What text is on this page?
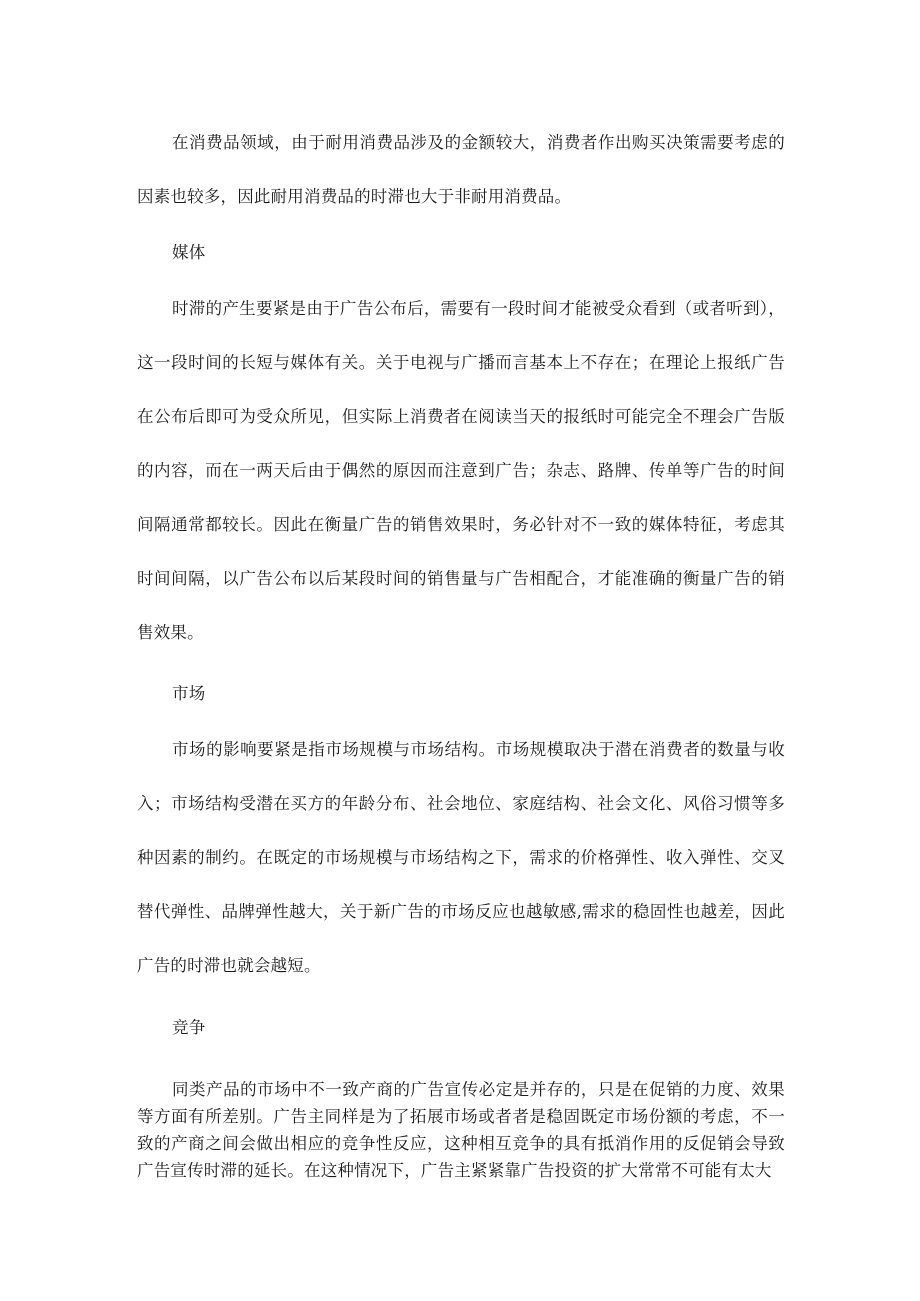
在消费品领域，由于耐用消费品涉及的金额较大，消费者作出购买决策需要考虑的因素也较多，因此耐用消费品的时滞也大于非耐用消费品。

媒体

时滞的产生要紧是由于广告公布后，需要有一段时间才能被受众看到（或者听到），这一段时间的长短与媒体有关。关于电视与广播而言基本上不存在；在理论上报纸广告在公布后即可为受众所见，但实际上消费者在阅读当天的报纸时可能完全不理会广告版的内容，而在一两天后由于偶然的原因而注意到广告；杂志、路牌、传单等广告的时间间隔通常都较长。因此在衡量广告的销售效果时，务必针对不一致的媒体特征，考虑其时间间隔，以广告公布以后某段时间的销售量与广告相配合，才能准确的衡量广告的销售效果。

市场

市场的影响要紧是指市场规模与市场结构。市场规模取决于潜在消费者的数量与收入；市场结构受潜在买方的年龄分布、社会地位、家庭结构、社会文化、风俗习惯等多种因素的制约。在既定的市场规模与市场结构之下，需求的价格弹性、收入弹性、交叉替代弹性、品牌弹性越大，关于新广告的市场反应也越敏感,需求的稳固性也越差，因此广告的时滞也就会越短。

竞争

同类产品的市场中不一致产商的广告宣传必定是并存的，只是在促销的力度、效果等方面有所差别。广告主同样是为了拓展市场或者者是稳固既定市场份额的考虑，不一致的产商之间会做出相应的竞争性反应，这种相互竞争的具有抵消作用的反促销会导致广告宣传时滞的延长。在这种情况下，广告主紧紧靠广告投资的扩大常常不可能有太大
